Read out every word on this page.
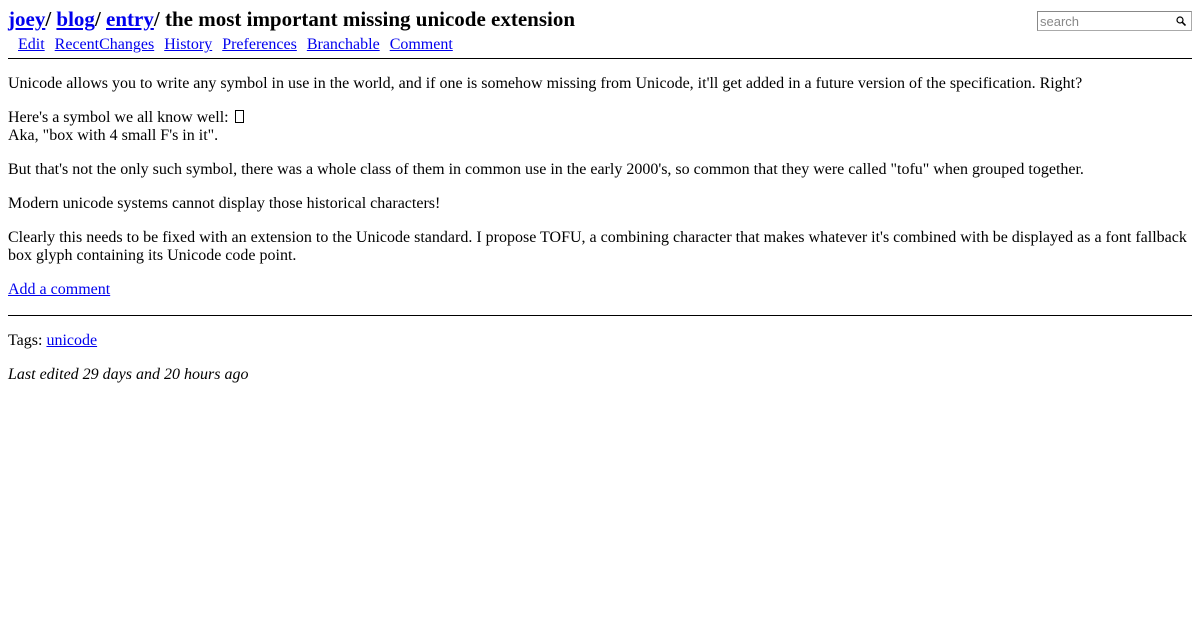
joey/ blog/ entry/ the most important missing unicode extension
Edit RecentChanges History Preferences Branchable Comment
search

Unicode allows you to write any symbol in use in the world, and if one is somehow missing from Unicode, it'll get added in a future version of the specification. Right?

Here's a symbol we all know well:

Aka, "box with 4 small F's in it".

But that's not the only such symbol, there was a whole class of them in common use in the early 2000's, so common that they were called "tofu" when grouped together.

Modern unicode systems cannot display those historical characters!

Clearly this needs to be fixed with an extension to the Unicode standard. I propose TOFU, a combining character that makes whatever it's combined with be displayed as a font fallback box glyph containing its Unicode code point.

Add a comment

Tags: unicode

Last edited 29 days and 20 hours ago
